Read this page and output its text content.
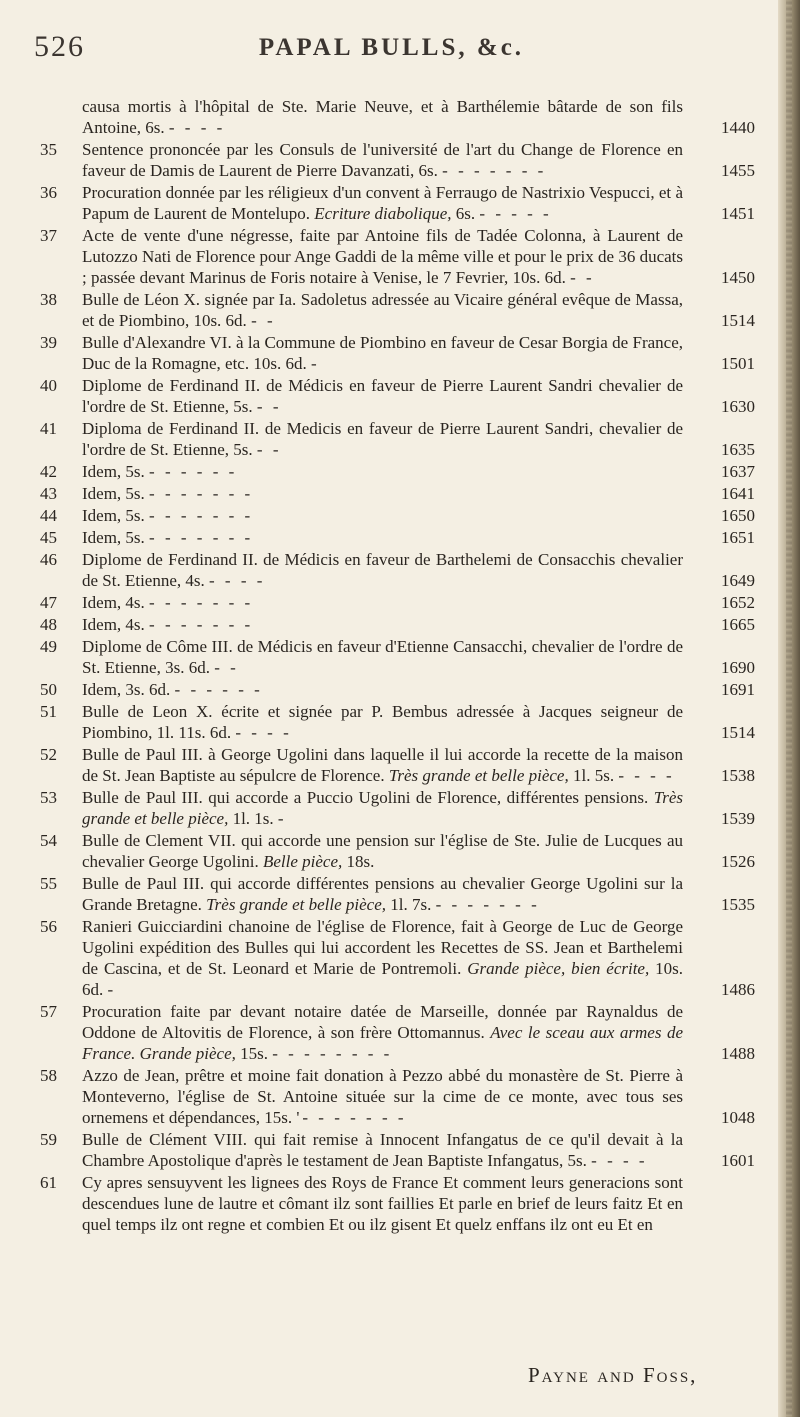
526	PAPAL BULLS, &c.
causa mortis à l'hôpital de Ste. Marie Neuve, et à Barthélemie bâtarde de son fils Antoine, 6s. - - - -	1440
35	Sentence prononcée par les Consuls de l'université de l'art du Change de Florence en faveur de Damis de Laurent de Pierre Davanzati, 6s. - - - - - - -	1455
36	Procuration donnée par les réligieux d'un convent à Ferraugo de Nastrixio Vespucci, et à Papum de Laurent de Montelupo. Ecriture diabolique, 6s. - - - - -	1451
37	Acte de vente d'une négresse, faite par Antoine fils de Tadée Colonna, à Laurent de Lutozzo Nati de Florence pour Ange Gaddi de la même ville et pour le prix de 36 ducats ; passée devant Marinus de Foris notaire à Venise, le 7 Fevrier, 10s. 6d. - -	1450
38	Bulle de Léon X. signée par Ia. Sadoletus adressée au Vicaire général evêque de Massa, et de Piombino, 10s. 6d. - -	1514
39	Bulle d'Alexandre VI. à la Commune de Piombino en faveur de Cesar Borgia de France, Duc de la Romagne, etc. 10s. 6d. -	1501
40	Diplome de Ferdinand II. de Médicis en faveur de Pierre Laurent Sandri chevalier de l'ordre de St. Etienne, 5s. - -	1630
41	Diploma de Ferdinand II. de Medicis en faveur de Pierre Laurent Sandri, chevalier de l'ordre de St. Etienne, 5s. - -	1635
42	Idem, 5s. - - - - - -	1637
43	Idem, 5s. - - - - - - -	1641
44	Idem, 5s. - - - - - - -	1650
45	Idem, 5s. - - - - - - -	1651
46	Diplome de Ferdinand II. de Médicis en faveur de Barthelemi de Consacchis chevalier de St. Etienne, 4s. - - - -	1649
47	Idem, 4s. - - - - - - -	1652
48	Idem, 4s. - - - - - - -	1665
49	Diplome de Côme III. de Médicis en faveur d'Etienne Cansacchi, chevalier de l'ordre de St. Etienne, 3s. 6d. - -	1690
50	Idem, 3s. 6d. - - - - - -	1691
51	Bulle de Leon X. écrite et signée par P. Bembus adressée à Jacques seigneur de Piombino, 1l. 11s. 6d. - - - -	1514
52	Bulle de Paul III. à George Ugolini dans laquelle il lui accorde la recette de la maison de St. Jean Baptiste au sépulcre de Florence. Très grande et belle pièce, 1l. 5s. - - - -	1538
53	Bulle de Paul III. qui accorde a Puccio Ugolini de Florence, différentes pensions. Très grande et belle pièce, 1l. 1s. -	1539
54	Bulle de Clement VII. qui accorde une pension sur l'église de Ste. Julie de Lucques au chevalier George Ugolini. Belle pièce, 18s.	1526
55	Bulle de Paul III. qui accorde différentes pensions au chevalier George Ugolini sur la Grande Bretagne. Très grande et belle pièce, 1l. 7s. - - - - - - -	1535
56	Ranieri Guicciardini chanoine de l'église de Florence, fait à George de Luc de George Ugolini expédition des Bulles qui lui accordent les Recettes de SS. Jean et Barthelemi de Cascina, et de St. Leonard et Marie de Pontremoli. Grande pièce, bien écrite, 10s. 6d. -	1486
57	Procuration faite par devant notaire datée de Marseille, donnée par Raynaldus de Oddone de Altovitis de Florence, à son frère Ottomannus. Avec le sceau aux armes de France. Grande pièce, 15s. - - - - - - - -	1488
58	Azzo de Jean, prêtre et moine fait donation à Pezzo abbé du monastère de St. Pierre à Monteverno, l'église de St. Antoine située sur la cime de ce monte, avec tous ses ornemens et dépendances, 15s. '- - - - - - -	1048
59	Bulle de Clément VIII. qui fait remise à Innocent Infangatus de ce qu'il devait à la Chambre Apostolique d'après le testament de Jean Baptiste Infangatus, 5s. - - - -	1601
61	Cy apres sensuyvent les lignees des Roys de France Et comment leurs generacions sont descendues lune de lautre et cômant ilz sont faillies Et parle en brief de leurs faitz Et en quel temps ilz ont regne et combien Et ou ilz gisent Et quelz enffans ilz ont eu Et en
Payne and Foss,
